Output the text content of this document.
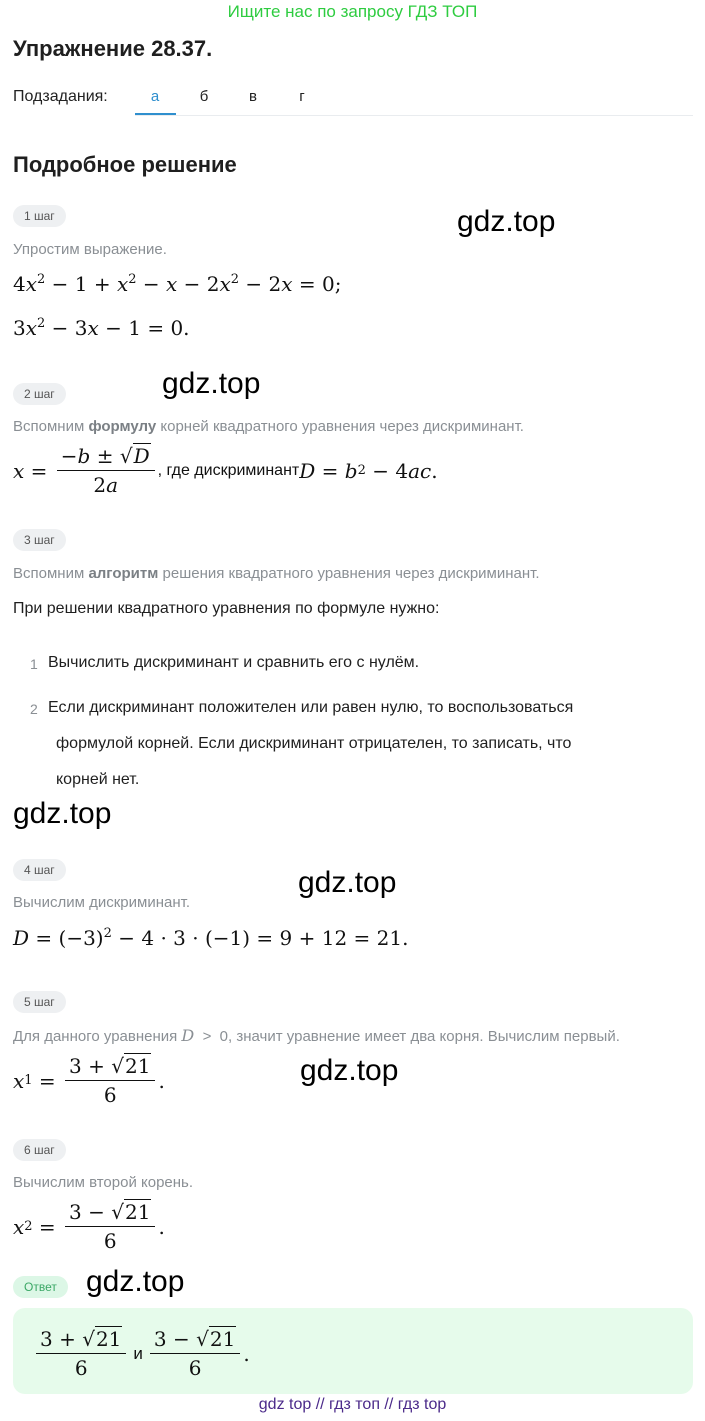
Ищите нас по запросу ГДЗ ТОП
Упражнение 28.37.
Подзадания:	а	б	в	г
Подробное решение
1 шаг	gdz.top
Упростим выражение.
$4x^2 - 1 + x^2 - x - 2x^2 - 2x = 0$;
$3x^2 - 3x - 1 = 0$.
2 шаг	gdz.top
Вспомним формулу корней квадратного уравнения через дискриминант.
$x = \frac{-b \pm √D}{2a}$ , где дискриминант D = b 2 − 4 ac .
3 шаг
Вспомним алгоритм решения квадратного уравнения через дискриминант.
При решении квадратного уравнения по формуле нужно:
1 Вычислить дискриминант и сравнить его с нулём.
2 Если дискриминант положителен или равен нулю, то воспользоваться
формулой корней. Если дискриминант отрицателен, то записать, что
корней нет.
gdz.top
4 шаг	gdz.top
Вычислим дискриминант.
$D = (-3)^2 - 4 \cdot 3 \cdot (-1) = 9 + 12 = 21$.
5 шаг
Для данного уравнения D  >  0, значит уравнение имеет два корня. Вычислим первый.
gdz.top
x $1 = \frac{3 + √21}{6}$ .
6 шаг
Вычислим второй корень.
x $2 = \frac{3 - √21}{6}$ .
Ответ gdz.top
$\frac{3 + √21}{6}$ и $\frac{3 - √21}{6}$ .
gdz top // гдз топ // гдз top
